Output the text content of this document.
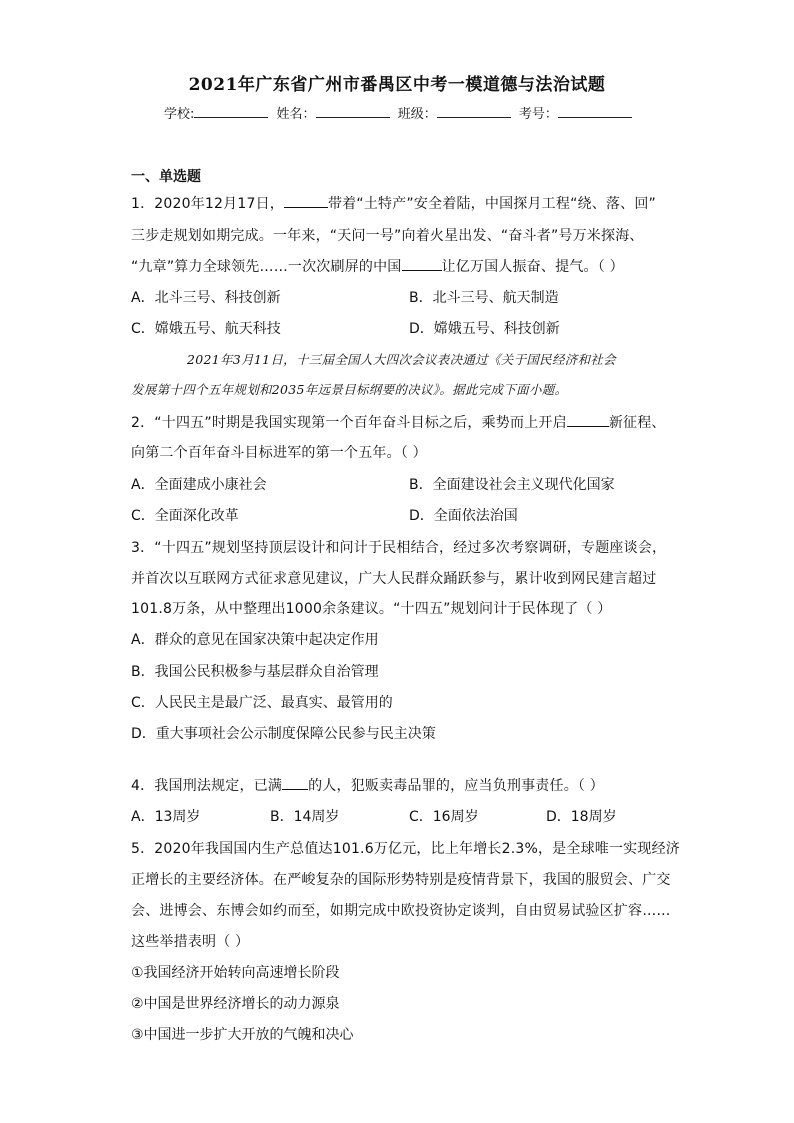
2021年广东省广州市番禺区中考一模道德与法治试题
学校:	姓名：	班级：	考号：
一、单选题
1．2020年12月17日，	带着“土特产”安全着陆，中国探月工程“绕、落、回”
三步走规划如期完成。一年来，“天问一号”向着火星出发、“奋斗者”号万米探海、
“九章”算力全球领先……一次次刷屏的中国	让亿万国人振奋、提气。（ ）
A．北斗三号、科技创新	B．北斗三号、航天制造
C．嫦娥五号、航天科技	D．嫦娥五号、科技创新
2021年3月11日，十三届全国人大四次会议表决通过《关于国民经济和社会
发展第十四个五年规划和2035年远景目标纲要的决议》。据此完成下面小题。
2．“十四五”时期是我国实现第一个百年奋斗目标之后，乘势而上开启	新征程、
向第二个百年奋斗目标进军的第一个五年。（ ）
A．全面建成小康社会	B．全面建设社会主义现代化国家
C．全面深化改革	D．全面依法治国
3．“十四五”规划坚持顶层设计和问计于民相结合，经过多次考察调研，专题座谈会，
并首次以互联网方式征求意见建议，广大人民群众踊跃参与，累计收到网民建言超过
101.8万条，从中整理出1000余条建议。“十四五”规划问计于民体现了（ ）
A．群众的意见在国家决策中起决定作用
B．我国公民积极参与基层群众自治管理
C．人民民主是最广泛、最真实、最管用的
D．重大事项社会公示制度保障公民参与民主决策
4．我国刑法规定，已满 的人，犯贩卖毒品罪的，应当负刑事责任。（ ）
A．13周岁	B．14周岁	C．16周岁	D．18周岁
5．2020年我国国内生产总值达101.6万亿元，比上年增长2.3%，是全球唯一实现经济
正增长的主要经济体。在严峻复杂的国际形势特别是疫情背景下，我国的服贸会、广交
会、进博会、东博会如约而至，如期完成中欧投资协定谈判，自由贸易试验区扩容……
这些举措表明（ ）
①我国经济开始转向高速增长阶段
②中国是世界经济增长的动力源泉
③中国进一步扩大开放的气魄和决心
